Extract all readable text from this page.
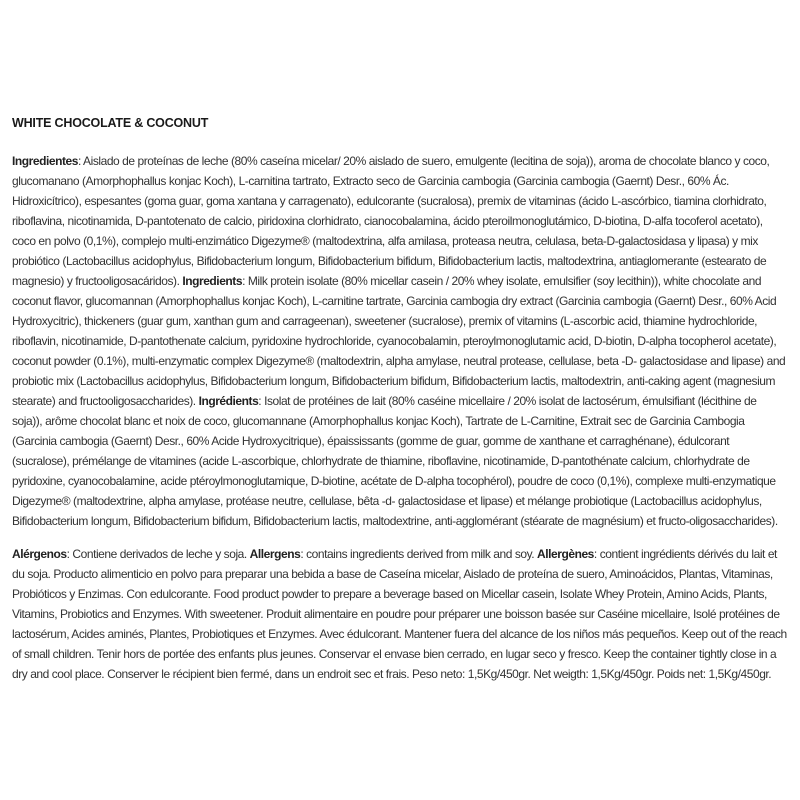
WHITE CHOCOLATE & COCONUT

Ingredientes: Aislado de proteínas de leche (80% caseína micelar/ 20% aislado de suero, emulgente (lecitina de soja)), aroma de chocolate blanco y coco, glucomanano (Amorphophallus konjac Koch), L-carnitina tartrato, Extracto seco de Garcinia cambogia (Garcinia cambogia (Gaernt) Desr., 60% Ác. Hidroxicítrico), espesantes (goma guar, goma xantana y carragenato), edulcorante (sucralosa), premix de vitaminas (ácido L-ascórbico, tiamina clorhidrato, riboflavina, nicotinamida, D-pantotenato de calcio, piridoxina clorhidrato, cianocobalamina, ácido pteroilmonoglutámico, D-biotina, D-alfa tocoferol acetato), coco en polvo (0,1%), complejo multi-enzimático Digezyme® (maltodextrina, alfa amilasa, proteasa neutra, celulasa, beta-D-galactosidasa y lipasa) y mix probiótico (Lactobacillus acidophylus, Bifidobacterium longum, Bifidobacterium bifidum, Bifidobacterium lactis, maltodextrina, antiaglomerante (estearato de magnesio) y fructooligosacáridos). Ingredients: Milk protein isolate (80% micellar casein / 20% whey isolate, emulsifier (soy lecithin)), white chocolate and coconut flavor, glucomannan (Amorphophallus konjac Koch), L-carnitine tartrate, Garcinia cambogia dry extract (Garcinia cambogia (Gaernt) Desr., 60% Acid Hydroxycitric), thickeners (guar gum, xanthan gum and carrageenan), sweetener (sucralose), premix of vitamins (L-ascorbic acid, thiamine hydrochloride, riboflavin, nicotinamide, D-pantothenate calcium, pyridoxine hydrochloride, cyanocobalamin, pteroylmonoglutamic acid, D-biotin, D-alpha tocopherol acetate), coconut powder (0.1%), multi-enzymatic complex Digezyme® (maltodextrin, alpha amylase, neutral protease, cellulase, beta -D- galactosidase and lipase) and probiotic mix (Lactobacillus acidophylus, Bifidobacterium longum, Bifidobacterium bifidum, Bifidobacterium lactis, maltodextrin, anti-caking agent (magnesium stearate) and fructooligosaccharides). Ingrédients: Isolat de protéines de lait (80% caséine micellaire / 20% isolat de lactosérum, émulsifiant (lécithine de soja)), arôme chocolat blanc et noix de coco, glucomannane (Amorphophallus konjac Koch), Tartrate de L-Carnitine, Extrait sec de Garcinia Cambogia (Garcinia cambogia (Gaernt) Desr., 60% Acide Hydroxycitrique), épaississants (gomme de guar, gomme de xanthane et carraghénane), édulcorant (sucralose), prémélange de vitamines (acide L-ascorbique, chlorhydrate de thiamine, riboflavine, nicotinamide, D-pantothénate calcium, chlorhydrate de pyridoxine, cyanocobalamine, acide ptéroylmonoglutamique, D-biotine, acétate de D-alpha tocophérol), poudre de coco (0,1%), complexe multi-enzymatique Digezyme® (maltodextrine, alpha amylase, protéase neutre, cellulase, bêta -d- galactosidase et lipase) et mélange probiotique (Lactobacillus acidophylus, Bifidobacterium longum, Bifidobacterium bifidum, Bifidobacterium lactis, maltodextrine, anti-agglomérant (stéarate de magnésium) et fructo-oligosaccharides).

Alérgenos: Contiene derivados de leche y soja. Allergens: contains ingredients derived from milk and soy. Allergènes: contient ingrédients dérivés du lait et du soja. Producto alimenticio en polvo para preparar una bebida a base de Caseína micelar, Aislado de proteína de suero, Aminoácidos, Plantas, Vitaminas, Probióticos y Enzimas. Con edulcorante. Food product powder to prepare a beverage based on Micellar casein, Isolate Whey Protein, Amino Acids, Plants, Vitamins, Probiotics and Enzymes. With sweetener. Produit alimentaire en poudre pour préparer une boisson basée sur Caséine micellaire, Isolé protéines de lactosérum, Acides aminés, Plantes, Probiotiques et Enzymes. Avec édulcorant. Mantener fuera del alcance de los niños más pequeños. Keep out of the reach of small children. Tenir hors de portée des enfants plus jeunes. Conservar el envase bien cerrado, en lugar seco y fresco. Keep the container tightly close in a dry and cool place. Conserver le récipient bien fermé, dans un endroit sec et frais. Peso neto: 1,5Kg/450gr. Net weigth: 1,5Kg/450gr. Poids net: 1,5Kg/450gr.
